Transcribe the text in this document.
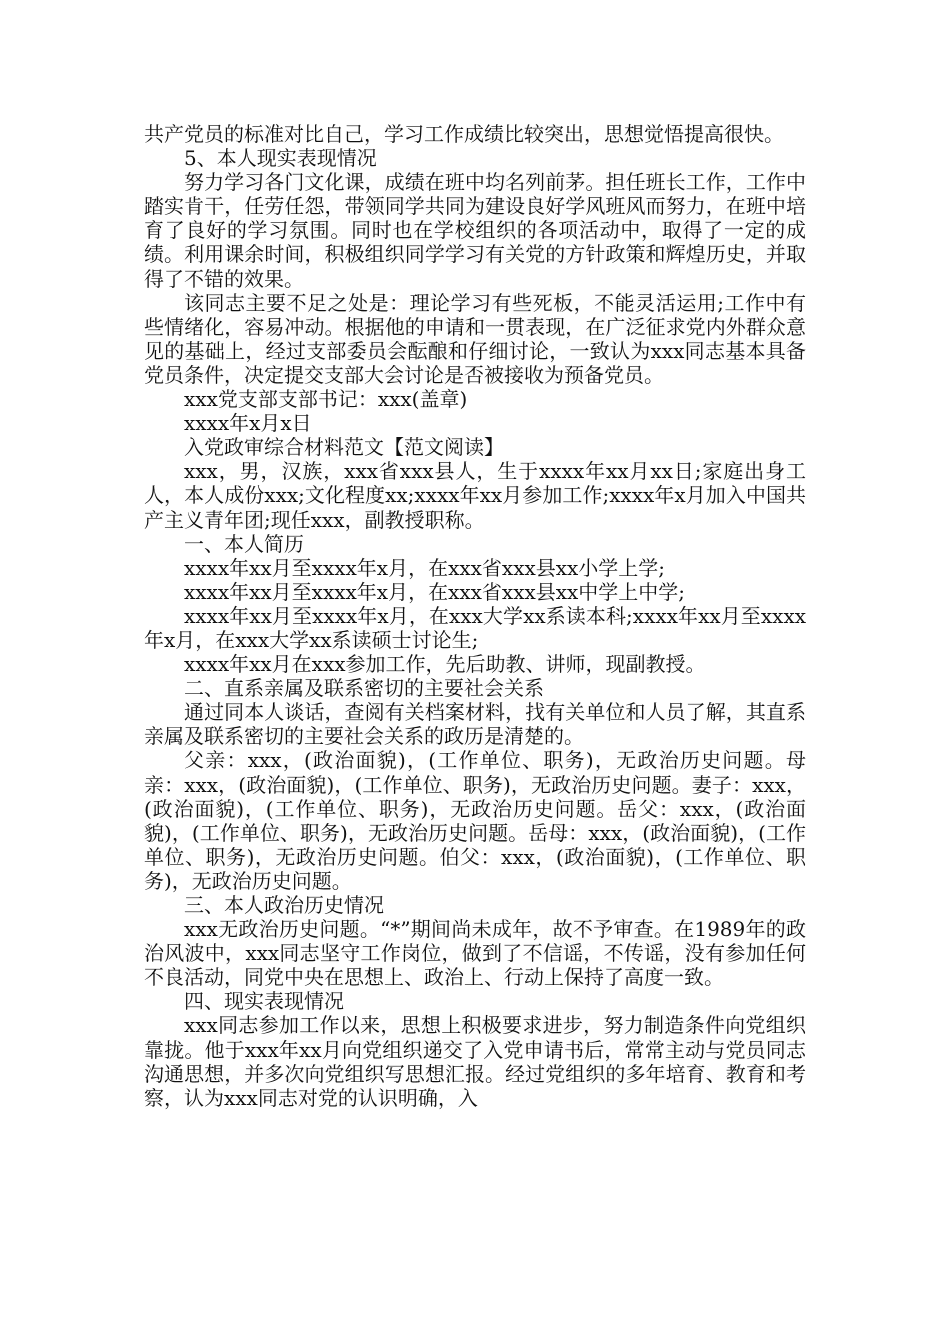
共产党员的标准对比自己，学习工作成绩比较突出，思想觉悟提高很快。

5、本人现实表现情况

努力学习各门文化课，成绩在班中均名列前茅。担任班长工作，工作中踏实肯干，任劳任怨，带领同学共同为建设良好学风班风而努力，在班中培育了良好的学习氛围。同时也在学校组织的各项活动中，取得了一定的成绩。利用课余时间，积极组织同学学习有关党的方针政策和辉煌历史，并取得了不错的效果。

该同志主要不足之处是：理论学习有些死板，不能灵活运用;工作中有些情绪化，容易冲动。根据他的申请和一贯表现，在广泛征求党内外群众意见的基础上，经过支部委员会酝酿和仔细讨论，一致认为xxx同志基本具备党员条件，决定提交支部大会讨论是否被接收为预备党员。

xxx党支部支部书记：xxx(盖章)

xxxx年x月x日

入党政审综合材料范文【范文阅读】

xxx，男，汉族，xxx省xxx县人，生于xxxx年xx月xx日;家庭出身工人，本人成份xxx;文化程度xx;xxxx年xx月参加工作;xxxx年x月加入中国共产主义青年团;现任xxx，副教授职称。

一、本人简历

xxxx年xx月至xxxx年x月，在xxx省xxx县xx小学上学;

xxxx年xx月至xxxx年x月，在xxx省xxx县xx中学上中学;

xxxx年xx月至xxxx年x月，在xxx大学xx系读本科;xxxx年xx月至xxxx年x月，在xxx大学xx系读硕士讨论生;

xxxx年xx月在xxx参加工作，先后助教、讲师，现副教授。

二、直系亲属及联系密切的主要社会关系

通过同本人谈话，查阅有关档案材料，找有关单位和人员了解，其直系亲属及联系密切的主要社会关系的政历是清楚的。

父亲：xxx，(政治面貌)，(工作单位、职务)，无政治历史问题。母亲：xxx，(政治面貌)，(工作单位、职务)，无政治历史问题。妻子：xxx，(政治面貌)，(工作单位、职务)，无政治历史问题。岳父：xxx，(政治面貌)，(工作单位、职务)，无政治历史问题。岳母：xxx，(政治面貌)，(工作单位、职务)，无政治历史问题。伯父：xxx，(政治面貌)，(工作单位、职务)，无政治历史问题。

三、本人政治历史情况

xxx无政治历史问题。“*”期间尚未成年，故不予审查。在1989年的政治风波中，xxx同志坚守工作岗位，做到了不信谣，不传谣，没有参加任何不良活动，同党中央在思想上、政治上、行动上保持了高度一致。

四、现实表现情况

xxx同志参加工作以来，思想上积极要求进步，努力制造条件向党组织靠拢。他于xxx年xx月向党组织递交了入党申请书后，常常主动与党员同志沟通思想，并多次向党组织写思想汇报。经过党组织的多年培育、教育和考察，认为xxx同志对党的认识明确，入
